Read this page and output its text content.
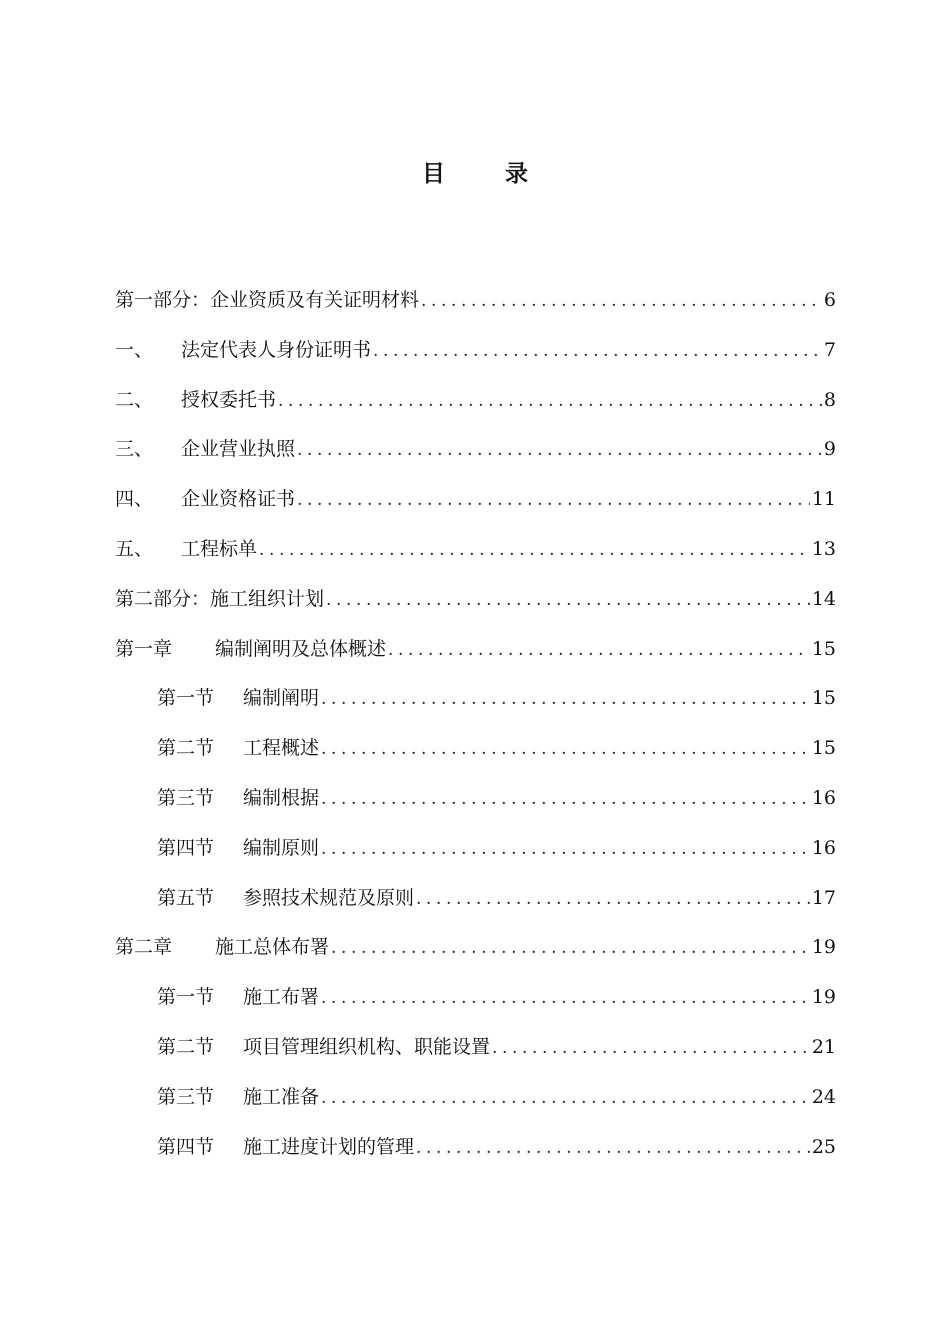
目 录
第一部分： 企业资质及有关证明材料 .....	6
一、	法定代表人身份证明书 .....	7
二、	授权委托书 .....	8
三、	企业营业执照 .....	9
四、	企业资格证书 .....	11
五、	工程标单 .....	13
第二部分： 施工组织计划 .....	14
第一章	编制阐明及总体概述 .....	15
第一节	编制阐明 .....	15
第二节	工程概述 .....	15
第三节	编制根据 .....	16
第四节	编制原则 .....	16
第五节	参照技术规范及原则 .....	17
第二章	施工总体布署 .....	19
第一节	施工布署 .....	19
第二节	项目管理组织机构、职能设置 .....	21
第三节	施工准备 .....	24
第四节	施工进度计划的管理 .....	25
